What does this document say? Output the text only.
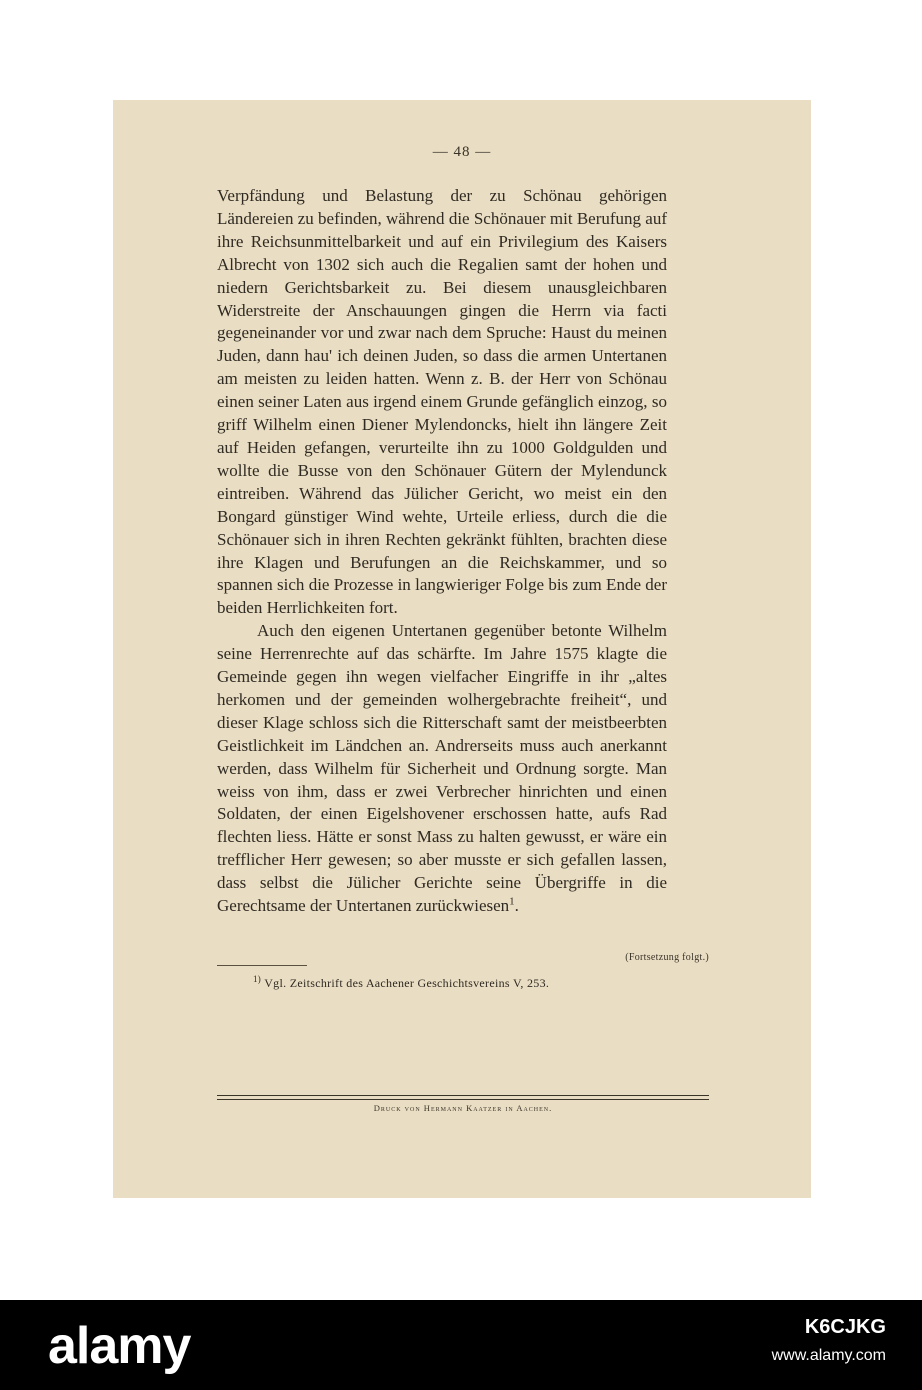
— 48 —

Verpfändung und Belastung der zu Schönau gehörigen Ländereien zu befinden, während die Schönauer mit Berufung auf ihre Reichsunmittelbarkeit und auf ein Privilegium des Kaisers Albrecht von 1302 sich auch die Regalien samt der hohen und niedern Gerichtsbarkeit zu. Bei diesem unausgleichbaren Widerstreite der Anschauungen gingen die Herrn via facti gegeneinander vor und zwar nach dem Spruche: Haust du meinen Juden, dann hau' ich deinen Juden, so dass die armen Untertanen am meisten zu leiden hatten. Wenn z. B. der Herr von Schönau einen seiner Laten aus irgend einem Grunde gefänglich einzog, so griff Wilhelm einen Diener Mylendoncks, hielt ihn längere Zeit auf Heiden gefangen, verurteilte ihn zu 1000 Goldgulden und wollte die Busse von den Schönauer Gütern der Mylendunck eintreiben. Während das Jülicher Gericht, wo meist ein den Bongard günstiger Wind wehte, Urteile erliess, durch die die Schönauer sich in ihren Rechten gekränkt fühlten, brachten diese ihre Klagen und Berufungen an die Reichskammer, und so spannen sich die Prozesse in langwieriger Folge bis zum Ende der beiden Herrlichkeiten fort.

Auch den eigenen Untertanen gegenüber betonte Wilhelm seine Herrenrechte auf das schärfte. Im Jahre 1575 klagte die Gemeinde gegen ihn wegen vielfacher Eingriffe in ihr „altes herkomen und der gemeinden wolhergebrachte freiheit“, und dieser Klage schloss sich die Ritterschaft samt der meistbeerbten Geistlichkeit im Ländchen an. Andrerseits muss auch anerkannt werden, dass Wilhelm für Sicherheit und Ordnung sorgte. Man weiss von ihm, dass er zwei Verbrecher hinrichten und einen Soldaten, der einen Eigelshovener erschossen hatte, aufs Rad flechten liess. Hätte er sonst Mass zu halten gewusst, er wäre ein trefflicher Herr gewesen; so aber musste er sich gefallen lassen, dass selbst die Jülicher Gerichte seine Übergriffe in die Gerechtsame der Untertanen zurückwiesen$^1$.

(Fortsetzung folgt.)
$^{1)}$ Vgl. Zeitschrift des Aachener Geschichtsvereins V, 253.
Druck von Hermann Kaatzer in Aachen.
alamy	K6CJKG
www.alamy.com
